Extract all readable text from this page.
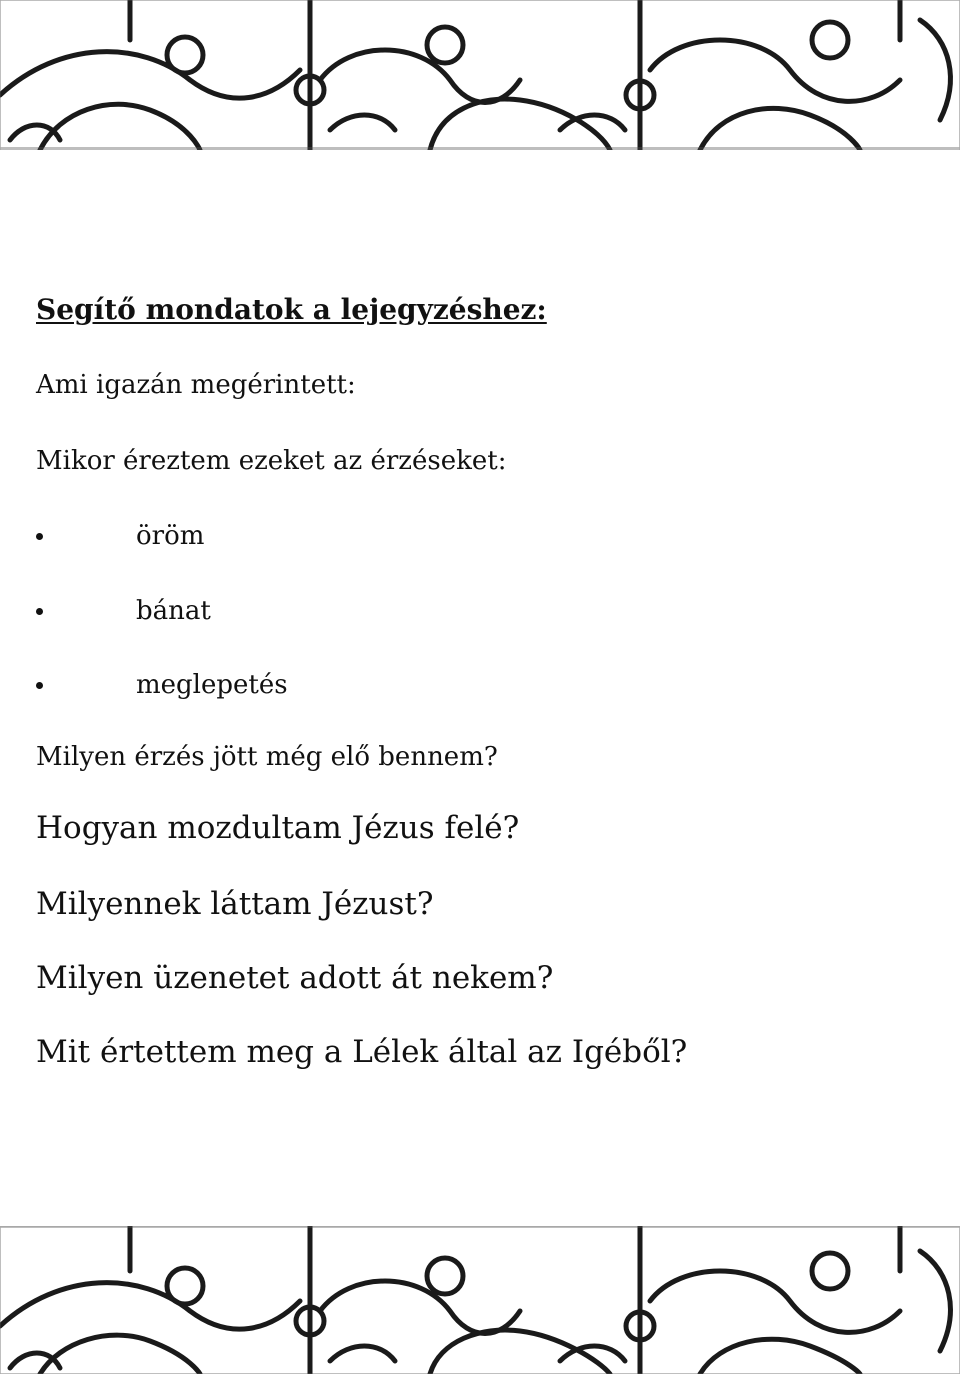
Segítő mondatok a lejegyzéshez:
Ami igazán megérintett:
Mikor éreztem ezeket az érzéseket:
öröm
bánat
meglepetés
Milyen érzés jött még elő bennem?
Hogyan mozdultam Jézus felé?
Milyennek láttam Jézust?
Milyen üzenetet adott át nekem?
Mit értettem meg a Lélek által az Igéből?
